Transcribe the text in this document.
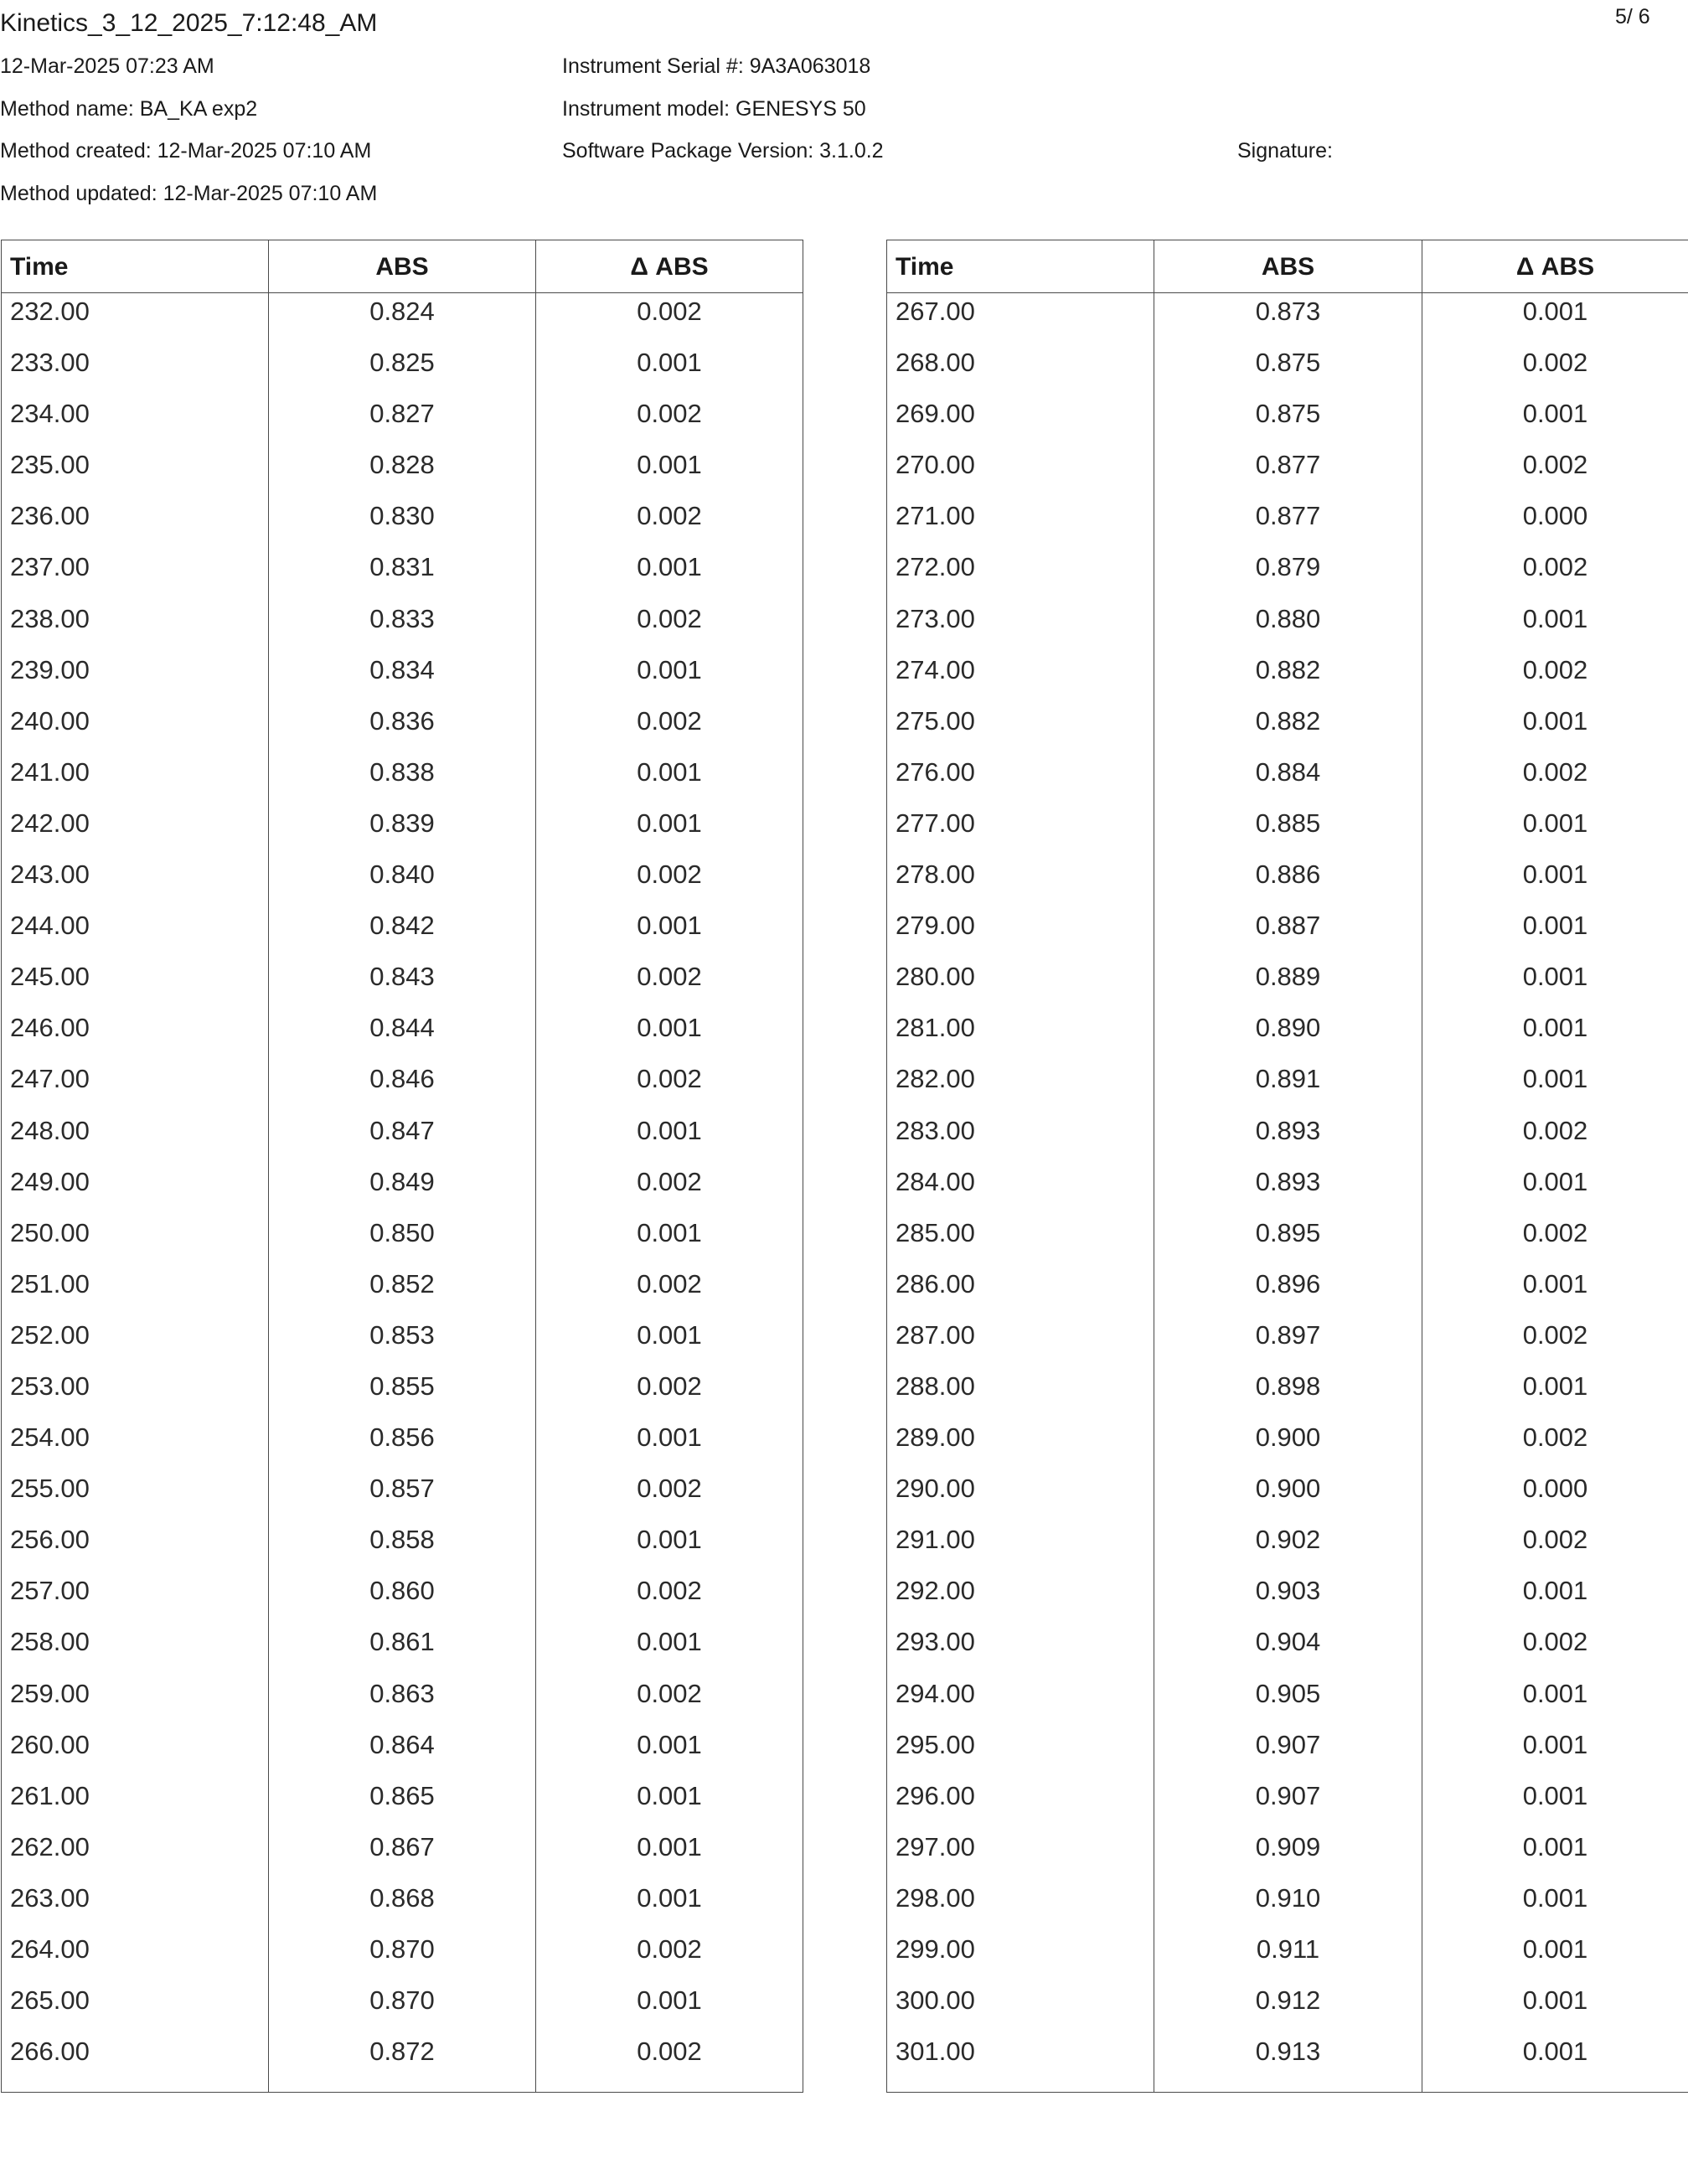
Kinetics_3_12_2025_7:12:48_AM	5/ 6
12-Mar-2025 07:23 AM
Method name: BA_KA exp2
Method created: 12-Mar-2025 07:10 AM
Method updated: 12-Mar-2025 07:10 AM
Instrument Serial #: 9A3A063018
Instrument model: GENESYS 50
Software Package Version: 3.1.0.2	Signature:
Time	ABS	Δ ABS
232.00	0.824	0.002
233.00	0.825	0.001
234.00	0.827	0.002
235.00	0.828	0.001
236.00	0.830	0.002
237.00	0.831	0.001
238.00	0.833	0.002
239.00	0.834	0.001
240.00	0.836	0.002
241.00	0.838	0.001
242.00	0.839	0.001
243.00	0.840	0.002
244.00	0.842	0.001
245.00	0.843	0.002
246.00	0.844	0.001
247.00	0.846	0.002
248.00	0.847	0.001
249.00	0.849	0.002
250.00	0.850	0.001
251.00	0.852	0.002
252.00	0.853	0.001
253.00	0.855	0.002
254.00	0.856	0.001
255.00	0.857	0.002
256.00	0.858	0.001
257.00	0.860	0.002
258.00	0.861	0.001
259.00	0.863	0.002
260.00	0.864	0.001
261.00	0.865	0.001
262.00	0.867	0.001
263.00	0.868	0.001
264.00	0.870	0.002
265.00	0.870	0.001
266.00	0.872	0.002
Time	ABS	Δ ABS
267.00	0.873	0.001
268.00	0.875	0.002
269.00	0.875	0.001
270.00	0.877	0.002
271.00	0.877	0.000
272.00	0.879	0.002
273.00	0.880	0.001
274.00	0.882	0.002
275.00	0.882	0.001
276.00	0.884	0.002
277.00	0.885	0.001
278.00	0.886	0.001
279.00	0.887	0.001
280.00	0.889	0.001
281.00	0.890	0.001
282.00	0.891	0.001
283.00	0.893	0.002
284.00	0.893	0.001
285.00	0.895	0.002
286.00	0.896	0.001
287.00	0.897	0.002
288.00	0.898	0.001
289.00	0.900	0.002
290.00	0.900	0.000
291.00	0.902	0.002
292.00	0.903	0.001
293.00	0.904	0.002
294.00	0.905	0.001
295.00	0.907	0.001
296.00	0.907	0.001
297.00	0.909	0.001
298.00	0.910	0.001
299.00	0.911	0.001
300.00	0.912	0.001
301.00	0.913	0.001
